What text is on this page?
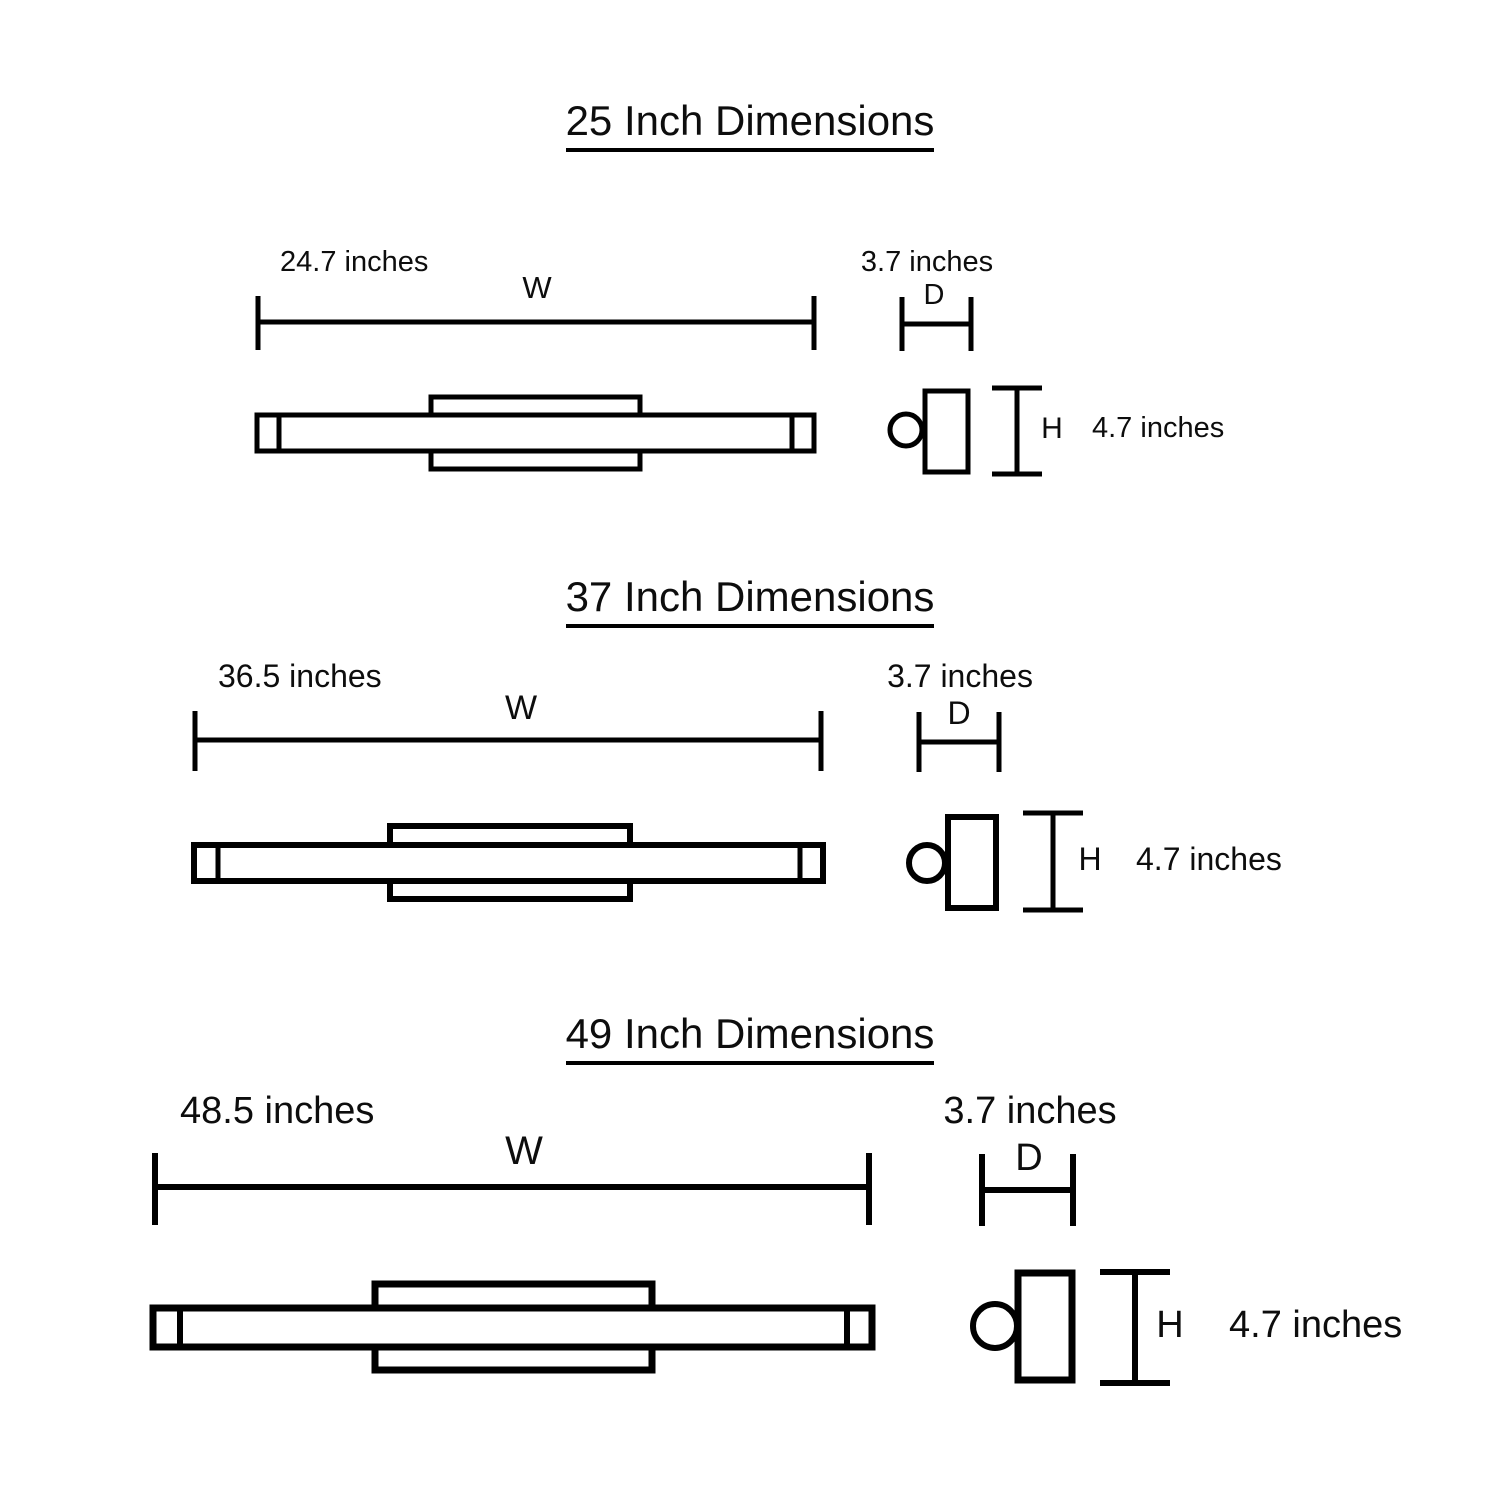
25 Inch Dimensions
24.7 inches
W
3.7 inches
D
H 4.7 inches
37 Inch Dimensions
36.5 inches
W
3.7 inches
D
H 4.7 inches
49 Inch Dimensions
48.5 inches
W
3.7 inches
D
H 4.7 inches
